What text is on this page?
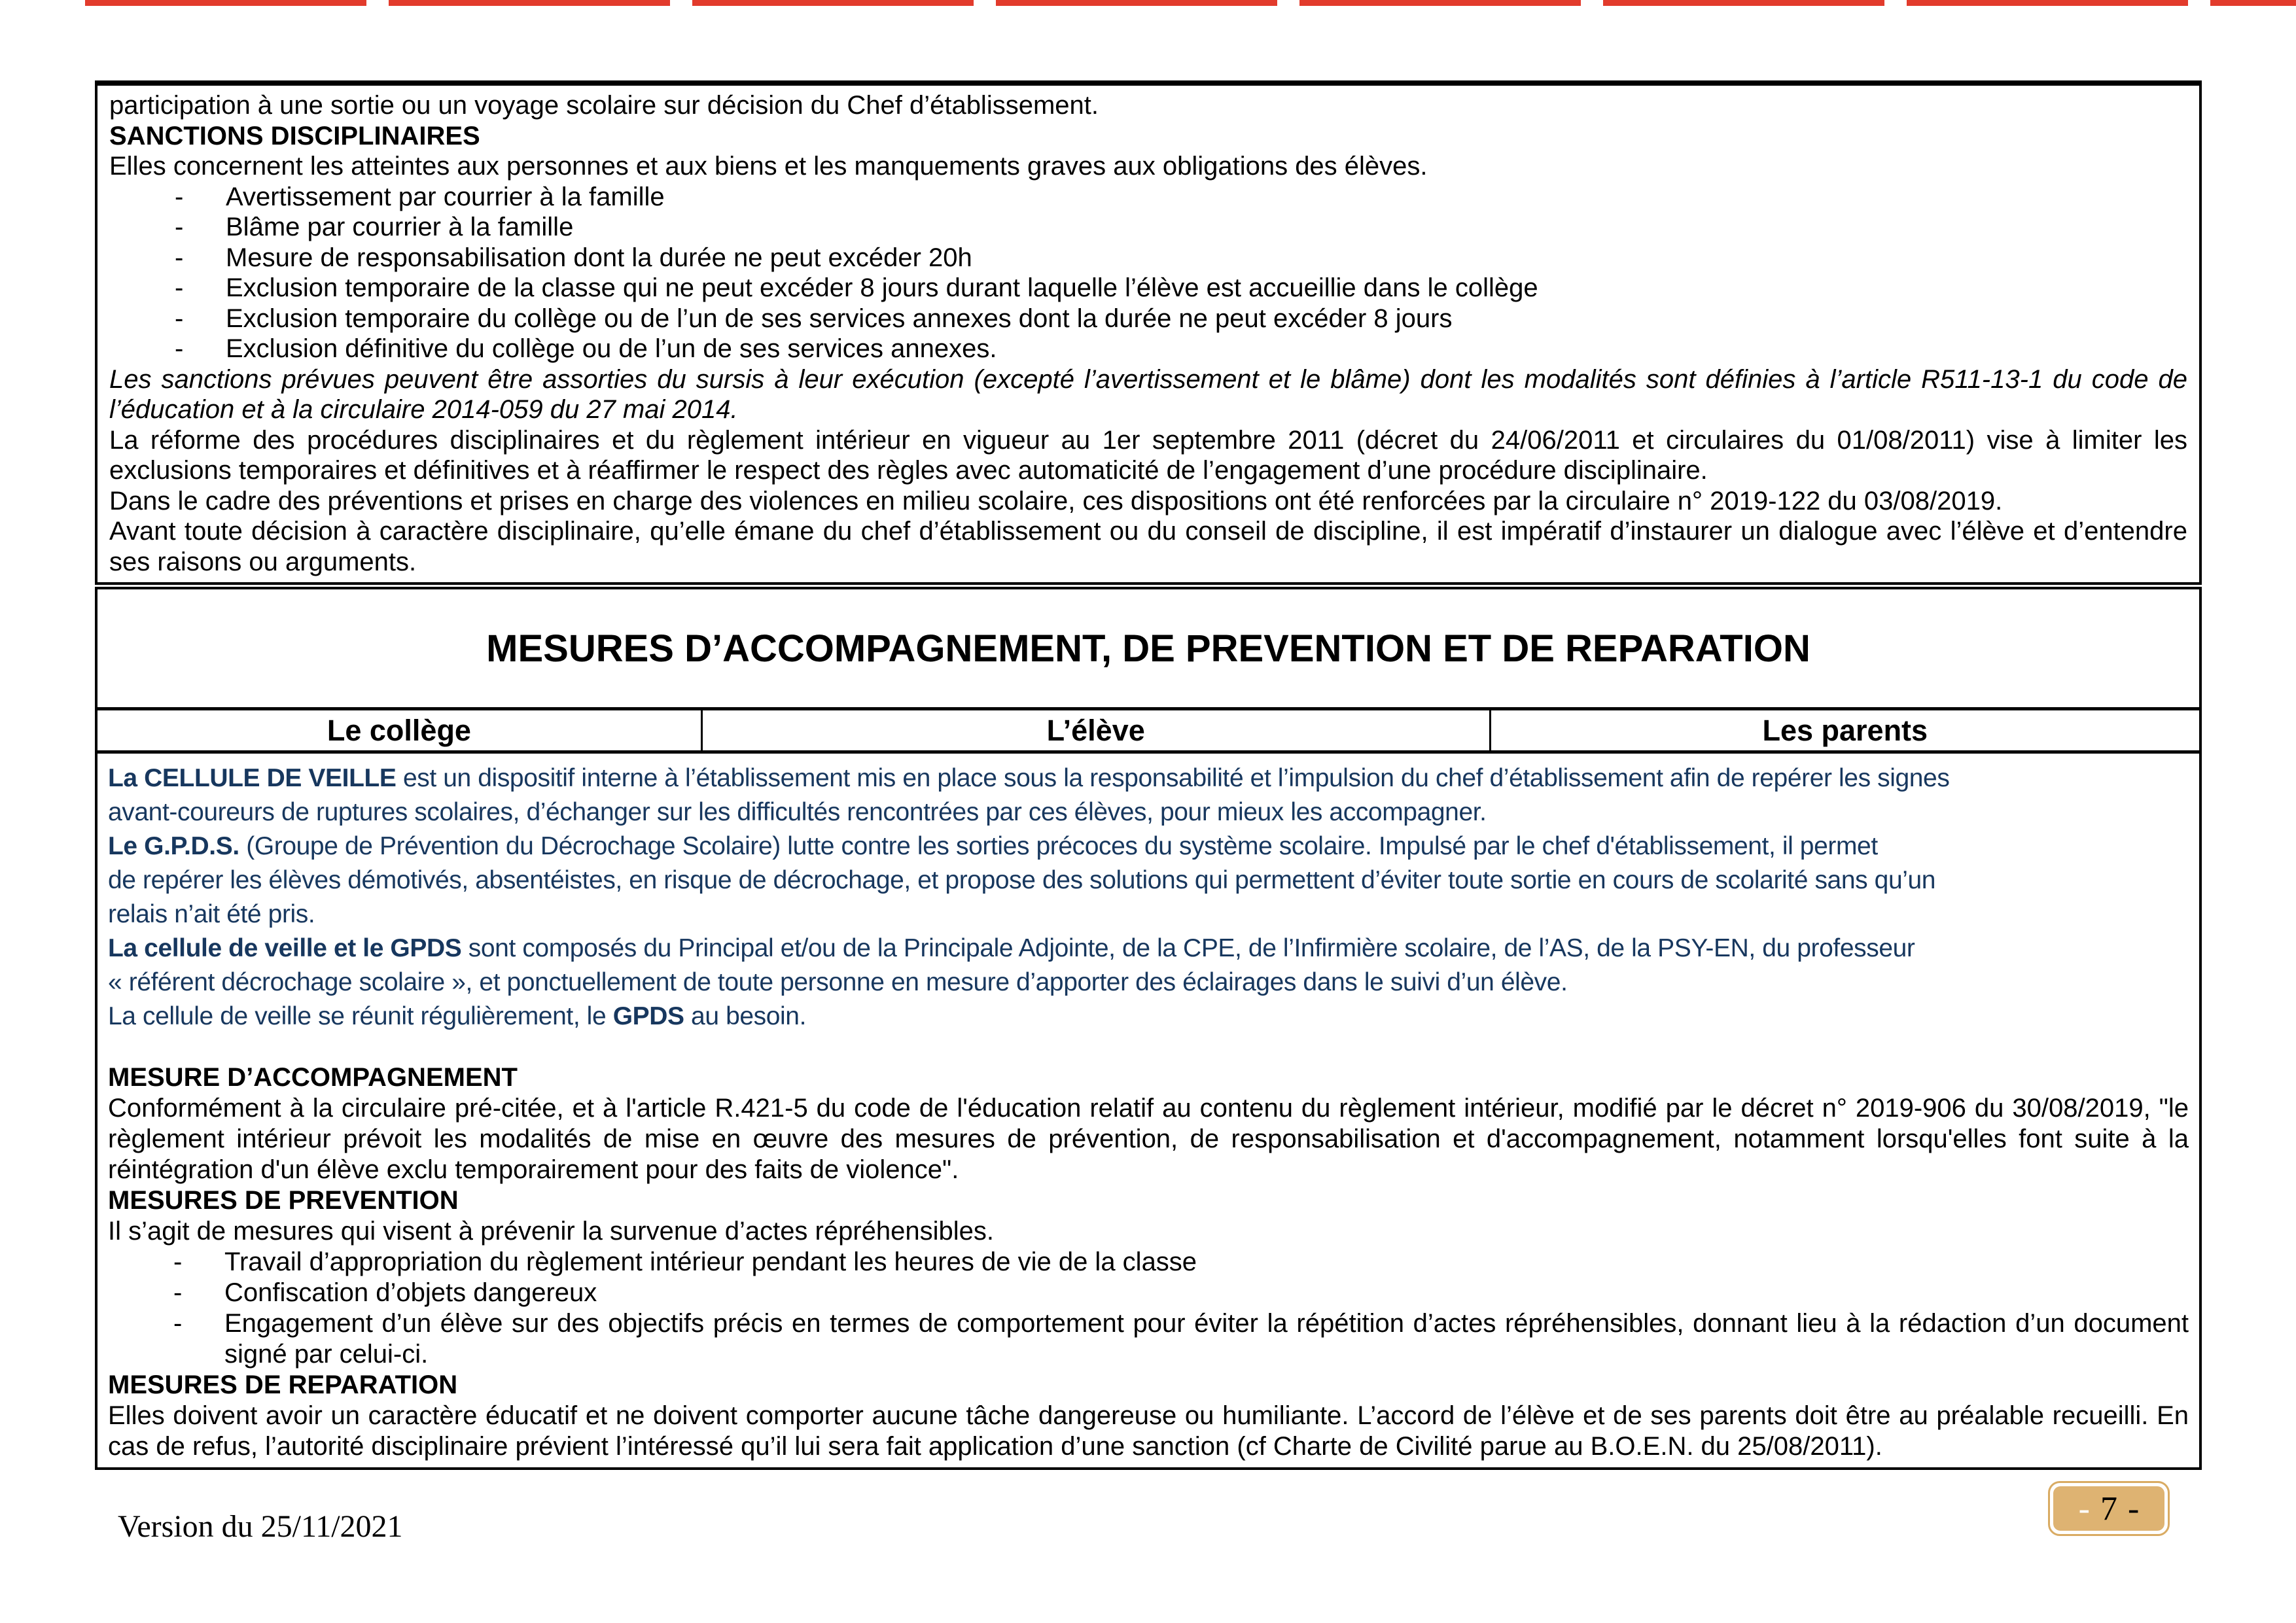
participation à une sortie ou un voyage scolaire sur décision du Chef d’établissement.

SANCTIONS DISCIPLINAIRES

Elles concernent les atteintes aux personnes et aux biens et les manquements graves aux obligations des élèves.

-	Avertissement par courrier à la famille
-	Blâme par courrier à la famille
-	Mesure de responsabilisation dont la durée ne peut excéder 20h
-	Exclusion temporaire de la classe qui ne peut excéder 8 jours durant laquelle l’élève est accueillie dans le collège
-	Exclusion temporaire du collège ou de l’un de ses services annexes dont la durée ne peut excéder 8 jours
-	Exclusion définitive du collège ou de l’un de ses services annexes.

Les sanctions prévues peuvent être assorties du sursis à leur exécution (excepté l’avertissement et le blâme) dont les modalités sont définies à l’article R511-13-1 du code de l’éducation et à la circulaire 2014-059 du 27 mai 2014.

La réforme des procédures disciplinaires et du règlement intérieur en vigueur au 1er septembre 2011 (décret du 24/06/2011 et circulaires du 01/08/2011) vise à limiter les exclusions temporaires et définitives et à réaffirmer le respect des règles avec automaticité de l’engagement d’une procédure disciplinaire.

Dans le cadre des préventions et prises en charge des violences en milieu scolaire, ces dispositions ont été renforcées par la circulaire n° 2019-122 du 03/08/2019.

Avant toute décision à caractère disciplinaire, qu’elle émane du chef d’établissement ou du conseil de discipline, il est impératif d’instaurer un dialogue avec l’élève et d’entendre ses raisons ou arguments.

MESURES D’ACCOMPAGNEMENT, DE PREVENTION ET DE REPARATION
Le collège	L’élève	Les parents
La CELLULE DE VEILLE est un dispositif interne à l’établissement mis en place sous la responsabilité et l’impulsion du chef d’établissement afin de repérer les signes
avant-coureurs de ruptures scolaires, d’échanger sur les difficultés rencontrées par ces élèves, pour mieux les accompagner.
Le G.P.D.S. (Groupe de Prévention du Décrochage Scolaire) lutte contre les sorties précoces du système scolaire. Impulsé par le chef d'établissement, il permet
de repérer les élèves démotivés, absentéistes, en risque de décrochage, et propose des solutions qui permettent d’éviter toute sortie en cours de scolarité sans qu’un
relais n’ait été pris.
La cellule de veille et le GPDS sont composés du Principal et/ou de la Principale Adjointe, de la CPE, de l’Infirmière scolaire, de l’AS, de la PSY-EN, du professeur
« référent décrochage scolaire », et ponctuellement de toute personne en mesure d’apporter des éclairages dans le suivi d’un élève.
La cellule de veille se réunit régulièrement, le GPDS au besoin.

MESURE D’ACCOMPAGNEMENT

Conformément à la circulaire pré-citée, et à l'article R.421-5 du code de l'éducation relatif au contenu du règlement intérieur, modifié par le décret n° 2019-906 du 30/08/2019, "le règlement intérieur prévoit les modalités de mise en œuvre des mesures de prévention, de responsabilisation et d'accompagnement, notamment lorsqu'elles font suite à la réintégration d'un élève exclu temporairement pour des faits de violence".

MESURES DE PREVENTION

Il s’agit de mesures qui visent à prévenir la survenue d’actes répréhensibles.

-	Travail d’appropriation du règlement intérieur pendant les heures de vie de la classe
-	Confiscation d’objets dangereux
-	Engagement d’un élève sur des objectifs précis en termes de comportement pour éviter la répétition d’actes répréhensibles, donnant lieu à la rédaction d’un document signé par celui-ci.

MESURES DE REPARATION

Elles doivent avoir un caractère éducatif et ne doivent comporter aucune tâche dangereuse ou humiliante. L’accord de l’élève et de ses parents doit être au préalable recueilli. En cas de refus, l’autorité disciplinaire prévient l’intéressé qu’il lui sera fait application d’une sanction (cf Charte de Civilité parue au B.O.E.N. du 25/08/2011).

Version du 25/11/2021	- 7 -
